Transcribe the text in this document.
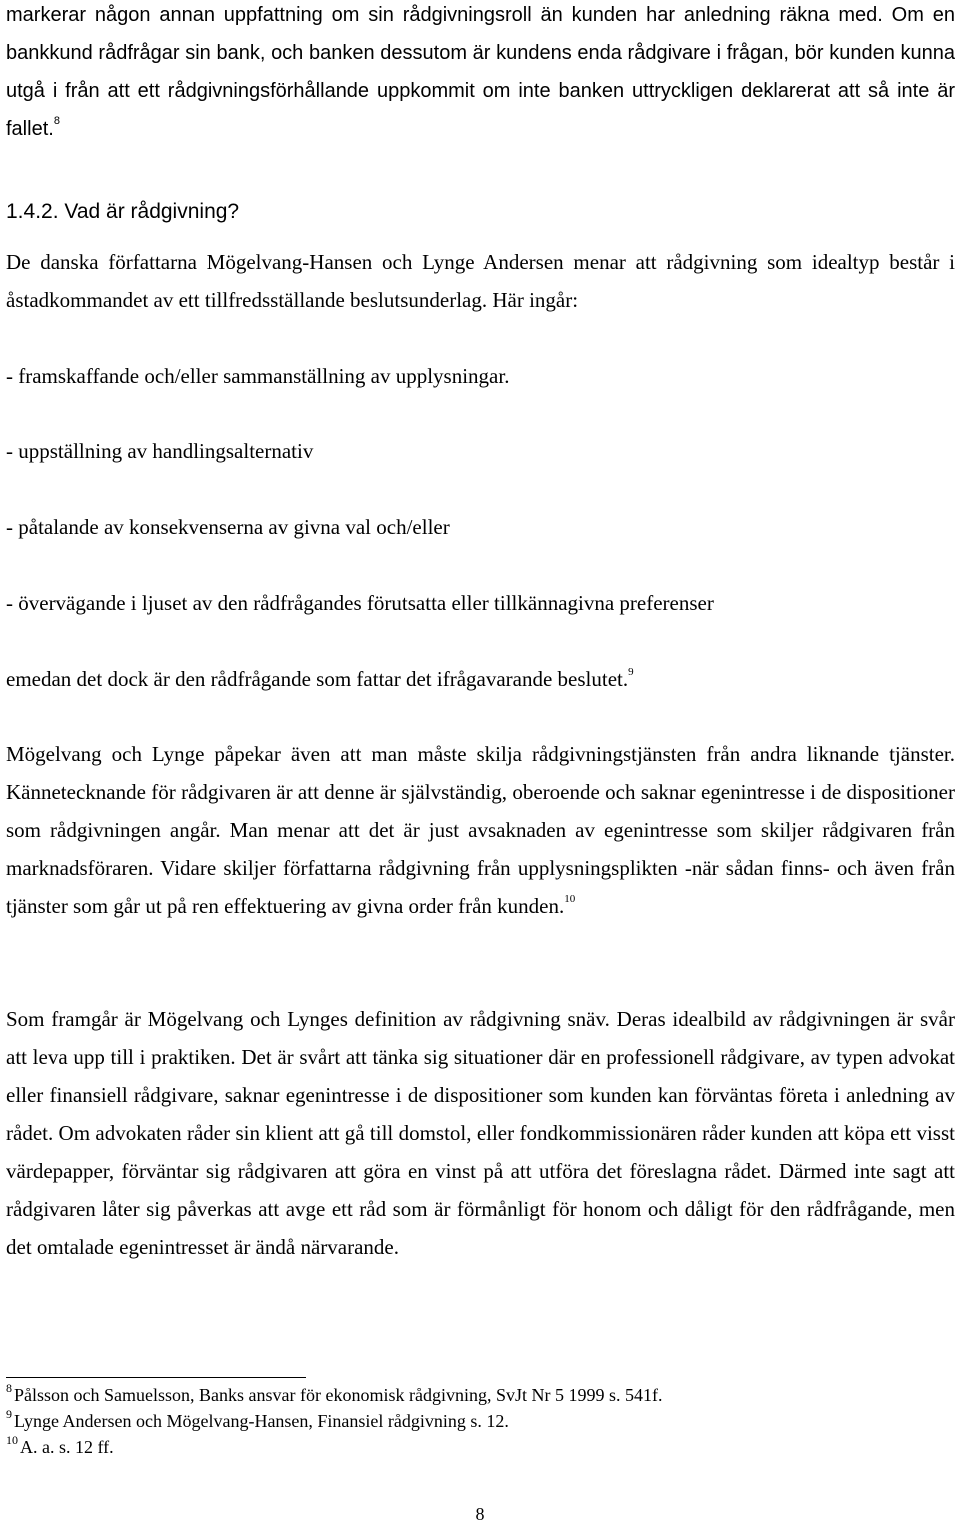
markerar någon annan uppfattning om sin rådgivningsroll än kunden har anledning räkna med. Om en bankkund rådfrågar sin bank, och banken dessutom är kundens enda rådgivare i frågan, bör kunden kunna utgå i från att ett rådgivningsförhållande uppkommit om inte banken uttryckligen deklarerat att så inte är fallet.$^8$

1.4.2. Vad är rådgivning?

De danska författarna Mögelvang-Hansen och Lynge Andersen menar att rådgivning som idealtyp består i åstadkommandet av ett tillfredsställande beslutsunderlag. Här ingår:

- framskaffande och/eller sammanställning av upplysningar.

- uppställning av handlingsalternativ

- påtalande av konsekvenserna av givna val och/eller

- övervägande i ljuset av den rådfrågandes förutsatta eller tillkännagivna preferenser

emedan det dock är den rådfrågande som fattar det ifrågavarande beslutet.$^9$

Mögelvang och Lynge påpekar även att man måste skilja rådgivningstjänsten från andra liknande tjänster. Kännetecknande för rådgivaren är att denne är självständig, oberoende och saknar egenintresse i de dispositioner som rådgivningen angår. Man menar att det är just avsaknaden av egenintresse som skiljer rådgivaren från marknadsföraren. Vidare skiljer författarna rådgivning från upplysningsplikten -när sådan finns- och även från tjänster som går ut på ren effektuering av givna order från kunden.$^{10}$

Som framgår är Mögelvang och Lynges definition av rådgivning snäv. Deras idealbild av rådgivningen är svår att leva upp till i praktiken. Det är svårt att tänka sig situationer där en professionell rådgivare, av typen advokat eller finansiell rådgivare, saknar egenintresse i de dispositioner som kunden kan förväntas företa i anledning av rådet. Om advokaten råder sin klient att gå till domstol, eller fondkommissionären råder kunden att köpa ett visst värdepapper, förväntar sig rådgivaren att göra en vinst på att utföra det föreslagna rådet. Därmed inte sagt att rådgivaren låter sig påverkas att avge ett råd som är förmånligt för honom och dåligt för den rådfrågande, men det omtalade egenintresset är ändå närvarande.

$^8$ Pålsson och Samuelsson, Banks ansvar för ekonomisk rådgivning, SvJt Nr 5 1999 s. 541f.

$^9$ Lynge Andersen och Mögelvang-Hansen, Finansiel rådgivning s. 12.

$^{10}$ A. a. s. 12 ff.

8
